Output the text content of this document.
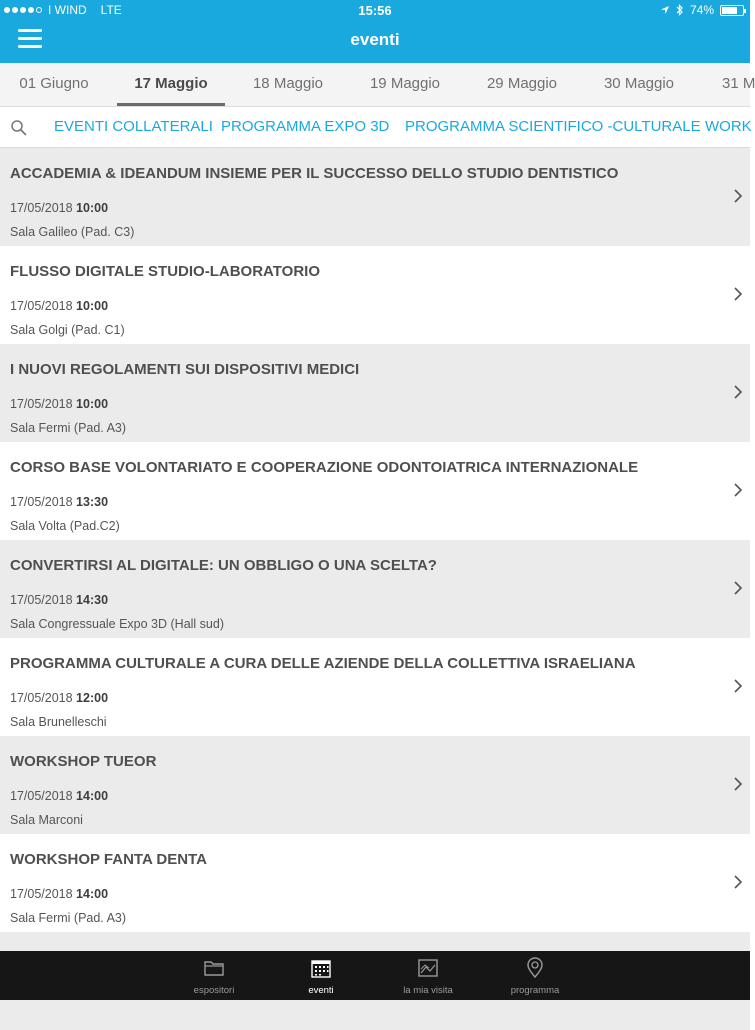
I WIND LTE	15:56	74%
eventi
01 Giugno	17 Maggio	18 Maggio	19 Maggio	29 Maggio	30 Maggio	31 M
EVENTI COLLATERALI PROGRAMMA EXPO 3D PROGRAMMA SCIENTIFICO -CULTURALE WORK
ACCADEMIA & IDEANDUM INSIEME PER IL SUCCESSO DELLO STUDIO DENTISTICO
17/05/2018 10:00
Sala Galileo (Pad. C3)
FLUSSO DIGITALE STUDIO-LABORATORIO
17/05/2018 10:00
Sala Golgi (Pad. C1)
I NUOVI REGOLAMENTI SUI DISPOSITIVI MEDICI
17/05/2018 10:00
Sala Fermi (Pad. A3)
CORSO BASE VOLONTARIATO E COOPERAZIONE ODONTOIATRICA INTERNAZIONALE
17/05/2018 13:30
Sala Volta (Pad.C2)
CONVERTIRSI AL DIGITALE: UN OBBLIGO O UNA SCELTA?
17/05/2018 14:30
Sala Congressuale Expo 3D (Hall sud)
PROGRAMMA CULTURALE A CURA DELLE AZIENDE DELLA COLLETTIVA ISRAELIANA
17/05/2018 12:00
Sala Brunelleschi
WORKSHOP TUEOR
17/05/2018 14:00
Sala Marconi
WORKSHOP FANTA DENTA
17/05/2018 14:00
Sala Fermi (Pad. A3)
espositori	eventi	la mia visita	programma
